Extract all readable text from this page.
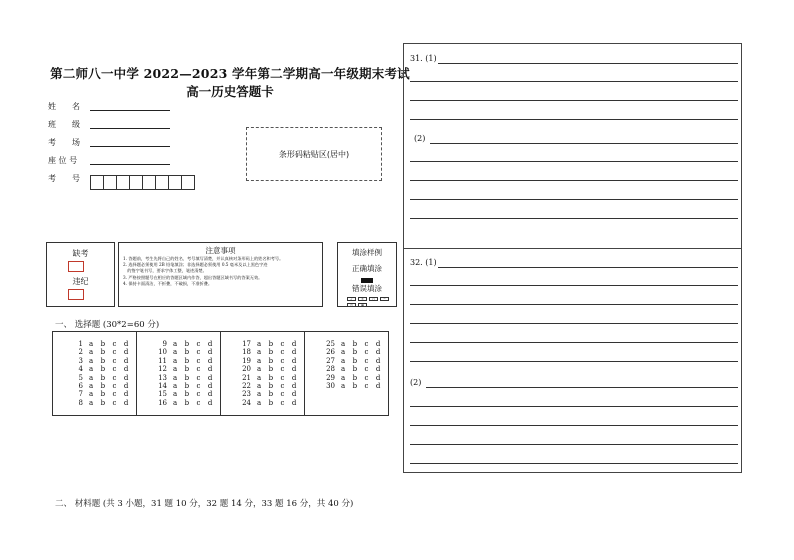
第二师八一中学 2022—2023 学年第二学期高一年级期末考试
高一历史答题卡
姓　　名
班　　级
考　　场
座 位 号
考　　号
条形码粘贴区(居中)
缺考
违纪
注意事项
1. 答题前，考生先将自己的姓名、考号填写清楚，并认真核对条形码上的姓名和考号。
2. 选择题必须使用 2B 铅笔填涂；非选择题必须使用 0.5 毫米及以上黑色字迹
　的签字笔书写，要求字体工整，笔迹清楚。
3. 严格按照题号在相应的答题区域内作答，超出答题区域书写的答案无效。
4. 保持卡面清洁，不折叠，不破损，不准折叠。
填涂样例
正确填涂
错误填涂
✓	✕	○	─
▭	▬
一、 选择题 (30*2=60 分)
1 a b c d
2 a b c d
3 a b c d
4 a b c d
5 a b c d
6 a b c d
7 a b c d
8 a b c d
9 a b c d
10 a b c d
11 a b c d
12 a b c d
13 a b c d
14 a b c d
15 a b c d
16 a b c d
17 a b c d
18 a b c d
19 a b c d
20 a b c d
21 a b c d
22 a b c d
23 a b c d
24 a b c d
25 a b c d
26 a b c d
27 a b c d
28 a b c d
29 a b c d
30 a b c d
二、 材料题 (共 3 小题，31 题 10 分，32 题 14 分，33 题 16 分，共 40 分)
31. (1)
(2)
32. (1)
(2)
